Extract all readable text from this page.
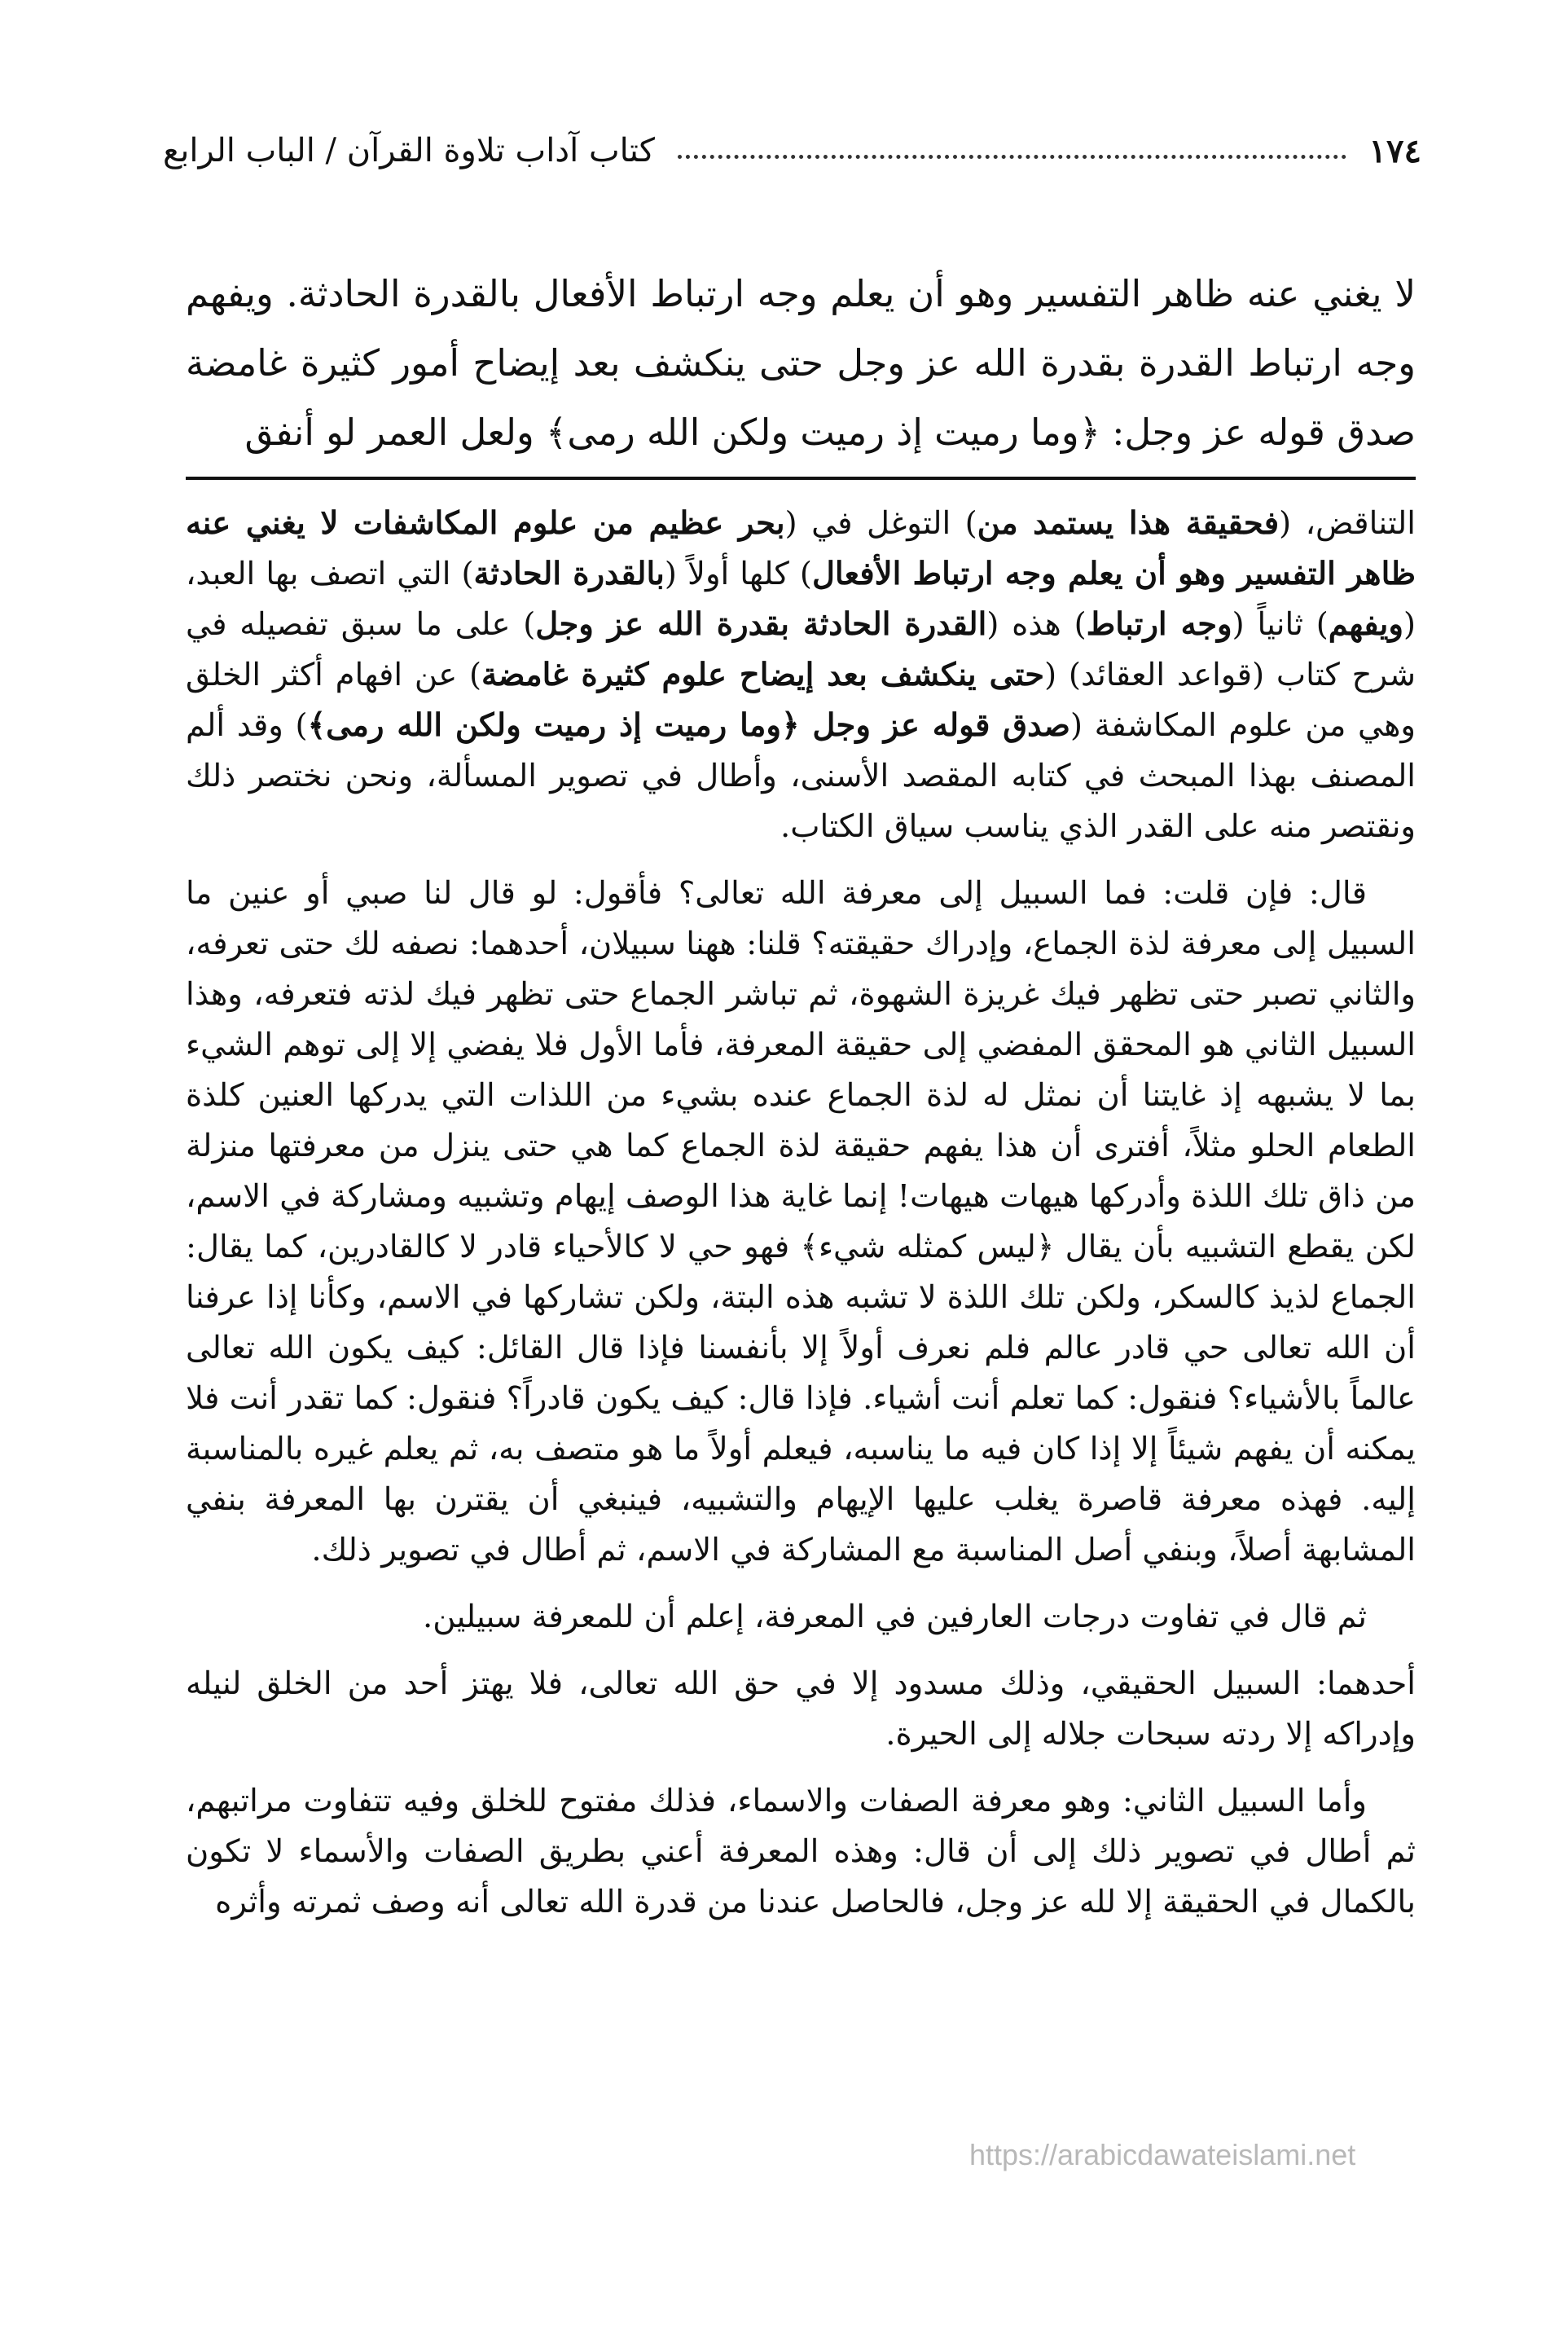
١٧٤
كتاب آداب تلاوة القرآن / الباب الرابع
لا يغني عنه ظاهر التفسير وهو أن يعلم وجه ارتباط الأفعال بالقدرة الحادثة. ويفهم وجه ارتباط القدرة بقدرة الله عز وجل حتى ينكشف بعد إيضاح أمور كثيرة غامضة صدق قوله عز وجل: ﴿وما رميت إذ رميت ولكن الله رمى﴾ ولعل العمر لو أنفق
التناقض، (فحقيقة هذا يستمد من) التوغل في (بحر عظيم من علوم المكاشفات لا يغني عنه ظاهر التفسير وهو أن يعلم وجه ارتباط الأفعال) كلها أولاً (بالقدرة الحادثة) التي اتصف بها العبد، (ويفهم) ثانياً (وجه ارتباط) هذه (القدرة الحادثة بقدرة الله عز وجل) على ما سبق تفصيله في شرح كتاب (قواعد العقائد) (حتى ينكشف بعد إيضاح علوم كثيرة غامضة) عن افهام أكثر الخلق وهي من علوم المكاشفة (صدق قوله عز وجل ﴿وما رميت إذ رميت ولكن الله رمى﴾) وقد ألم المصنف بهذا المبحث في كتابه المقصد الأسنى، وأطال في تصوير المسألة، ونحن نختصر ذلك ونقتصر منه على القدر الذي يناسب سياق الكتاب.
قال: فإن قلت: فما السبيل إلى معرفة الله تعالى؟ فأقول: لو قال لنا صبي أو عنين ما السبيل إلى معرفة لذة الجماع، وإدراك حقيقته؟ قلنا: ههنا سبيلان، أحدهما: نصفه لك حتى تعرفه، والثاني تصبر حتى تظهر فيك غريزة الشهوة، ثم تباشر الجماع حتى تظهر فيك لذته فتعرفه، وهذا السبيل الثاني هو المحقق المفضي إلى حقيقة المعرفة، فأما الأول فلا يفضي إلا إلى توهم الشيء بما لا يشبهه إذ غايتنا أن نمثل له لذة الجماع عنده بشيء من اللذات التي يدركها العنين كلذة الطعام الحلو مثلاً، أفترى أن هذا يفهم حقيقة لذة الجماع كما هي حتى ينزل من معرفتها منزلة من ذاق تلك اللذة وأدركها هيهات هيهات! إنما غاية هذا الوصف إيهام وتشبيه ومشاركة في الاسم، لكن يقطع التشبيه بأن يقال ﴿ليس كمثله شيء﴾ فهو حي لا كالأحياء قادر لا كالقادرين، كما يقال: الجماع لذيذ كالسكر، ولكن تلك اللذة لا تشبه هذه البتة، ولكن تشاركها في الاسم، وكأنا إذا عرفنا أن الله تعالى حي قادر عالم فلم نعرف أولاً إلا بأنفسنا فإذا قال القائل: كيف يكون الله تعالى عالماً بالأشياء؟ فنقول: كما تعلم أنت أشياء. فإذا قال: كيف يكون قادراً؟ فنقول: كما تقدر أنت فلا يمكنه أن يفهم شيئاً إلا إذا كان فيه ما يناسبه، فيعلم أولاً ما هو متصف به، ثم يعلم غيره بالمناسبة إليه. فهذه معرفة قاصرة يغلب عليها الإيهام والتشبيه، فينبغي أن يقترن بها المعرفة بنفي المشابهة أصلاً، وبنفي أصل المناسبة مع المشاركة في الاسم، ثم أطال في تصوير ذلك.
ثم قال في تفاوت درجات العارفين في المعرفة، إعلم أن للمعرفة سبيلين.
أحدهما: السبيل الحقيقي، وذلك مسدود إلا في حق الله تعالى، فلا يهتز أحد من الخلق لنيله وإدراكه إلا ردته سبحات جلاله إلى الحيرة.
وأما السبيل الثاني: وهو معرفة الصفات والاسماء، فذلك مفتوح للخلق وفيه تتفاوت مراتبهم، ثم أطال في تصوير ذلك إلى أن قال: وهذه المعرفة أعني بطريق الصفات والأسماء لا تكون بالكمال في الحقيقة إلا لله عز وجل، فالحاصل عندنا من قدرة الله تعالى أنه وصف ثمرته وأثره
https://arabicdawateislami.net
